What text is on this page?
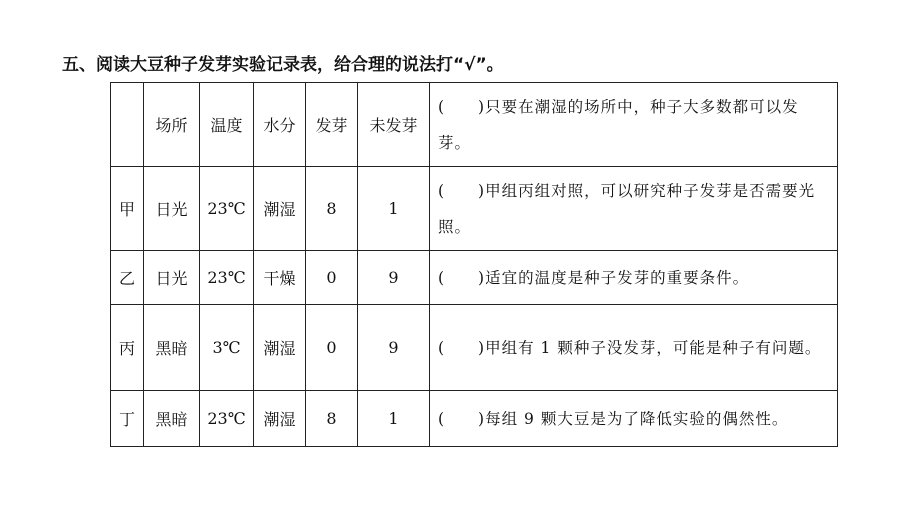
五、阅读大豆种子发芽实验记录表，给合理的说法打“√”。
	场所	温度	水分	发芽	未发芽	(　　)只要在潮湿的场所中，种子大多数都可以发芽。
甲	日光	23℃	潮湿	8	1	(　　)甲组丙组对照，可以研究种子发芽是否需要光照。
乙	日光	23℃	干燥	0	9	(　　)适宜的温度是种子发芽的重要条件。
丙	黑暗	3℃	潮湿	0	9	(　　)甲组有 1 颗种子没发芽，可能是种子有问题。
丁	黑暗	23℃	潮湿	8	1	(　　)每组 9 颗大豆是为了降低实验的偶然性。
